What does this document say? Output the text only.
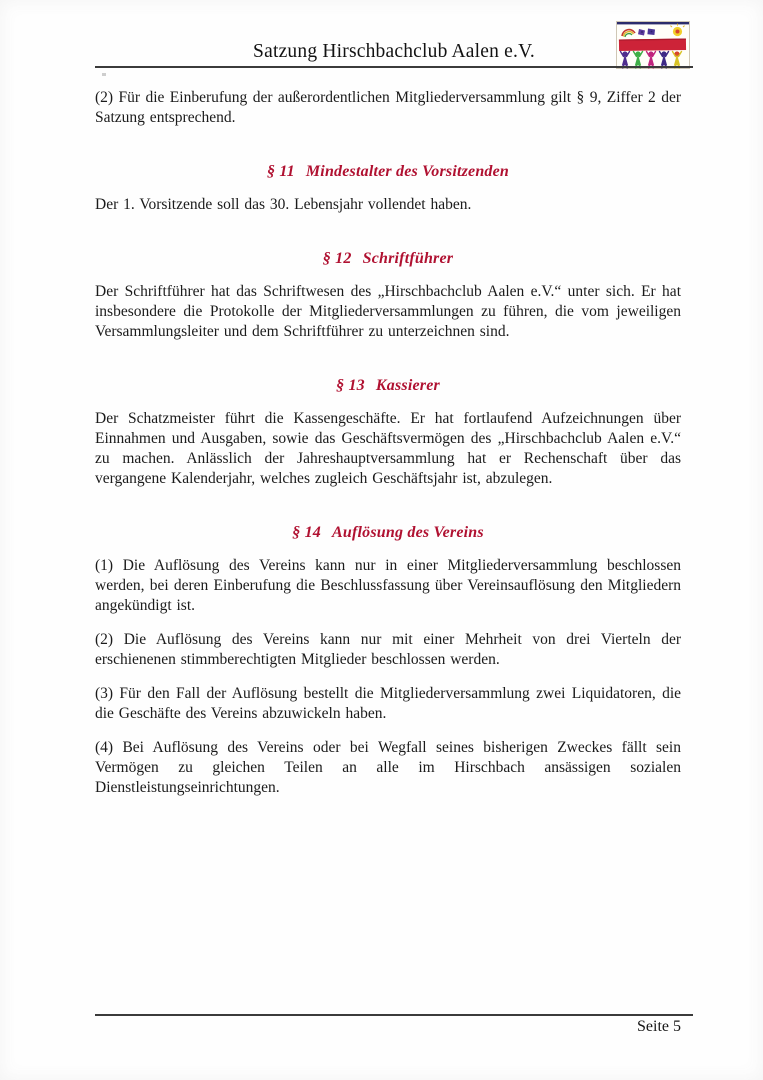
Satzung Hirschbachclub Aalen e.V.

(2) Für die Einberufung der außerordentlichen Mitgliederversammlung gilt § 9, Ziffer 2 der Satzung entsprechend.

§ 11 Mindestalter des Vorsitzenden

Der 1. Vorsitzende soll das 30. Lebensjahr vollendet haben.

§ 12 Schriftführer

Der Schriftführer hat das Schriftwesen des „Hirschbachclub Aalen e.V.“ unter sich. Er hat insbesondere die Protokolle der Mitgliederversammlungen zu führen, die vom jeweiligen Versammlungsleiter und dem Schriftführer zu unterzeichnen sind.

§ 13 Kassierer

Der Schatzmeister führt die Kassengeschäfte. Er hat fortlaufend Aufzeichnungen über Einnahmen und Ausgaben, sowie das Geschäftsvermögen des „Hirschbachclub Aalen e.V.“ zu machen. Anlässlich der Jahreshauptversammlung hat er Rechenschaft über das vergangene Kalenderjahr, welches zugleich Geschäftsjahr ist, abzulegen.

§ 14 Auflösung des Vereins

(1) Die Auflösung des Vereins kann nur in einer Mitgliederversammlung beschlossen werden, bei deren Einberufung die Beschlussfassung über Vereinsauflösung den Mitgliedern angekündigt ist.

(2) Die Auflösung des Vereins kann nur mit einer Mehrheit von drei Vierteln der erschienenen stimmberechtigten Mitglieder beschlossen werden.

(3) Für den Fall der Auflösung bestellt die Mitgliederversammlung zwei Liquidatoren, die die Geschäfte des Vereins abzuwickeln haben.

(4) Bei Auflösung des Vereins oder bei Wegfall seines bisherigen Zweckes fällt sein Vermögen zu gleichen Teilen an alle im Hirschbach ansässigen sozialen Dienstleistungseinrichtungen.

Seite 5
